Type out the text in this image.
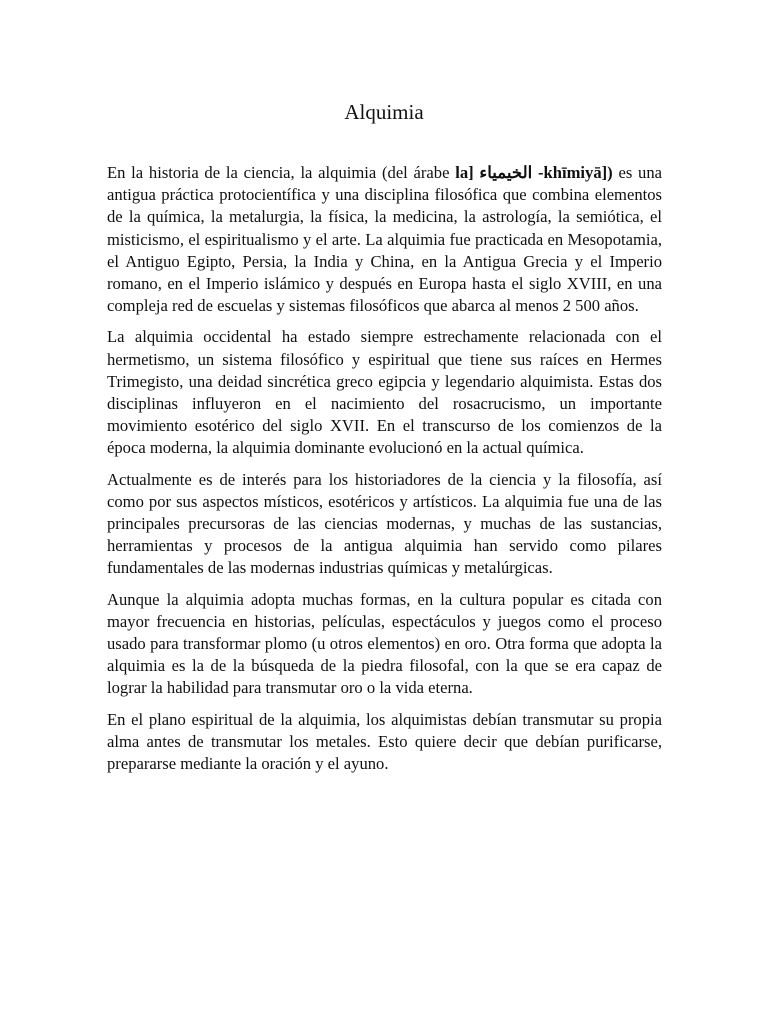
Alquimia

En la historia de la ciencia, la alquimia (del árabe la] الخيمياء -khīmiyā]) es una antigua práctica protocientífica y una disciplina filosófica que combina elementos de la química, la metalurgia, la física, la medicina, la astrología, la semiótica, el misticismo, el espiritualismo y el arte. La alquimia fue practicada en Mesopotamia, el Antiguo Egipto, Persia, la India y China, en la Antigua Grecia y el Imperio romano, en el Imperio islámico y después en Europa hasta el siglo XVIII, en una compleja red de escuelas y sistemas filosóficos que abarca al menos 2 500 años.

La alquimia occidental ha estado siempre estrechamente relacionada con el hermetismo, un sistema filosófico y espiritual que tiene sus raíces en Hermes Trimegisto, una deidad sincrética greco egipcia y legendario alquimista. Estas dos disciplinas influyeron en el nacimiento del rosacrucismo, un importante movimiento esotérico del siglo XVII. En el transcurso de los comienzos de la época moderna, la alquimia dominante evolucionó en la actual química.

Actualmente es de interés para los historiadores de la ciencia y la filosofía, así como por sus aspectos místicos, esotéricos y artísticos. La alquimia fue una de las principales precursoras de las ciencias modernas, y muchas de las sustancias, herramientas y procesos de la antigua alquimia han servido como pilares fundamentales de las modernas industrias químicas y metalúrgicas.

Aunque la alquimia adopta muchas formas, en la cultura popular es citada con mayor frecuencia en historias, películas, espectáculos y juegos como el proceso usado para transformar plomo (u otros elementos) en oro. Otra forma que adopta la alquimia es la de la búsqueda de la piedra filosofal, con la que se era capaz de lograr la habilidad para transmutar oro o la vida eterna.

En el plano espiritual de la alquimia, los alquimistas debían transmutar su propia alma antes de transmutar los metales. Esto quiere decir que debían purificarse, prepararse mediante la oración y el ayuno.
